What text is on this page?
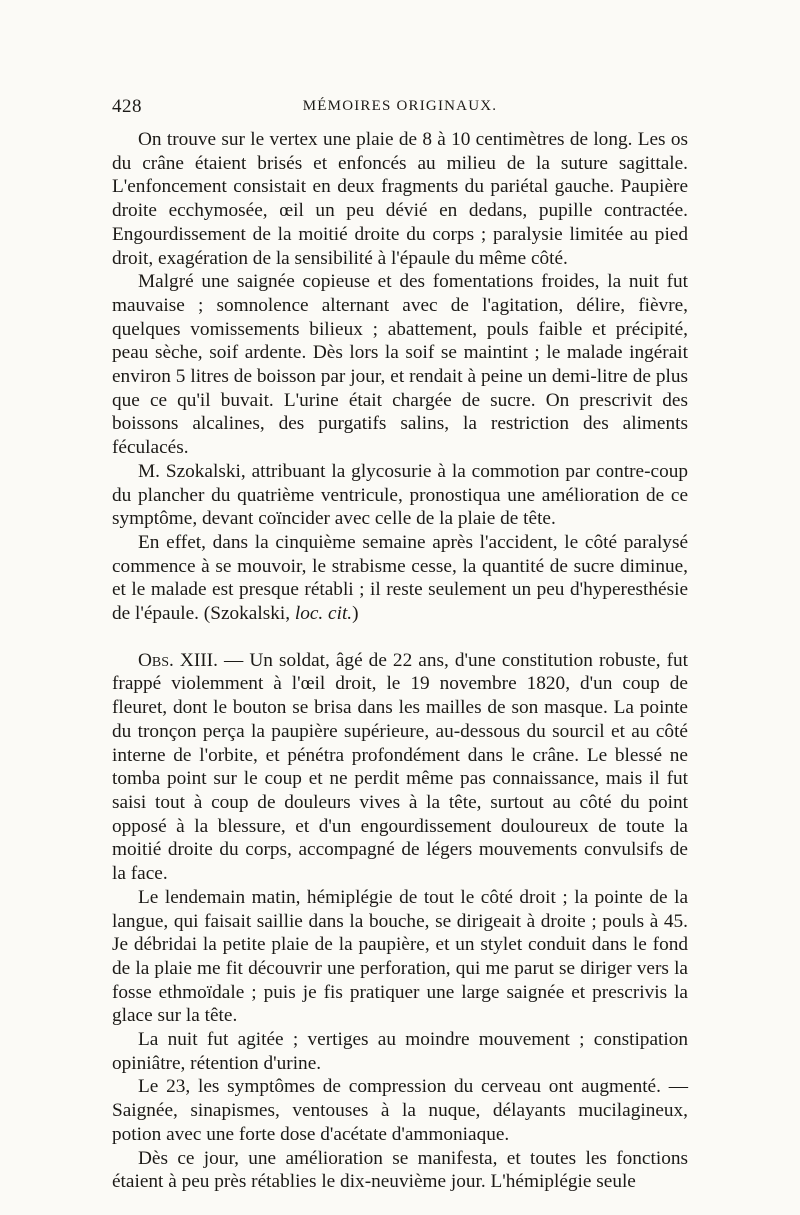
428	MÉMOIRES ORIGINAUX.

On trouve sur le vertex une plaie de 8 à 10 centimètres de long. Les os du crâne étaient brisés et enfoncés au milieu de la suture sagittale. L'enfoncement consistait en deux fragments du pariétal gauche. Paupière droite ecchymosée, œil un peu dévié en dedans, pupille contractée. Engourdissement de la moitié droite du corps ; paralysie limitée au pied droit, exagération de la sensibilité à l'épaule du même côté.

Malgré une saignée copieuse et des fomentations froides, la nuit fut mauvaise ; somnolence alternant avec de l'agitation, délire, fièvre, quelques vomissements bilieux ; abattement, pouls faible et précipité, peau sèche, soif ardente. Dès lors la soif se maintint ; le malade ingérait environ 5 litres de boisson par jour, et rendait à peine un demi-litre de plus que ce qu'il buvait. L'urine était chargée de sucre. On prescrivit des boissons alcalines, des purgatifs salins, la restriction des aliments féculacés.

M. Szokalski, attribuant la glycosurie à la commotion par contre-coup du plancher du quatrième ventricule, pronostiqua une amélioration de ce symptôme, devant coïncider avec celle de la plaie de tête.

En effet, dans la cinquième semaine après l'accident, le côté paralysé commence à se mouvoir, le strabisme cesse, la quantité de sucre diminue, et le malade est presque rétabli ; il reste seulement un peu d'hyperesthésie de l'épaule. (Szokalski, loc. cit.)

Obs. XIII. — Un soldat, âgé de 22 ans, d'une constitution robuste, fut frappé violemment à l'œil droit, le 19 novembre 1820, d'un coup de fleuret, dont le bouton se brisa dans les mailles de son masque. La pointe du tronçon perça la paupière supérieure, au-dessous du sourcil et au côté interne de l'orbite, et pénétra profondément dans le crâne. Le blessé ne tomba point sur le coup et ne perdit même pas connaissance, mais il fut saisi tout à coup de douleurs vives à la tête, surtout au côté du point opposé à la blessure, et d'un engourdissement douloureux de toute la moitié droite du corps, accompagné de légers mouvements convulsifs de la face.

Le lendemain matin, hémiplégie de tout le côté droit ; la pointe de la langue, qui faisait saillie dans la bouche, se dirigeait à droite ; pouls à 45. Je débridai la petite plaie de la paupière, et un stylet conduit dans le fond de la plaie me fit découvrir une perforation, qui me parut se diriger vers la fosse ethmoïdale ; puis je fis pratiquer une large saignée et prescrivis la glace sur la tête.

La nuit fut agitée ; vertiges au moindre mouvement ; constipation opiniâtre, rétention d'urine.

Le 23, les symptômes de compression du cerveau ont augmenté. — Saignée, sinapismes, ventouses à la nuque, délayants mucilagineux, potion avec une forte dose d'acétate d'ammoniaque.

Dès ce jour, une amélioration se manifesta, et toutes les fonctions étaient à peu près rétablies le dix-neuvième jour. L'hémiplégie seule
